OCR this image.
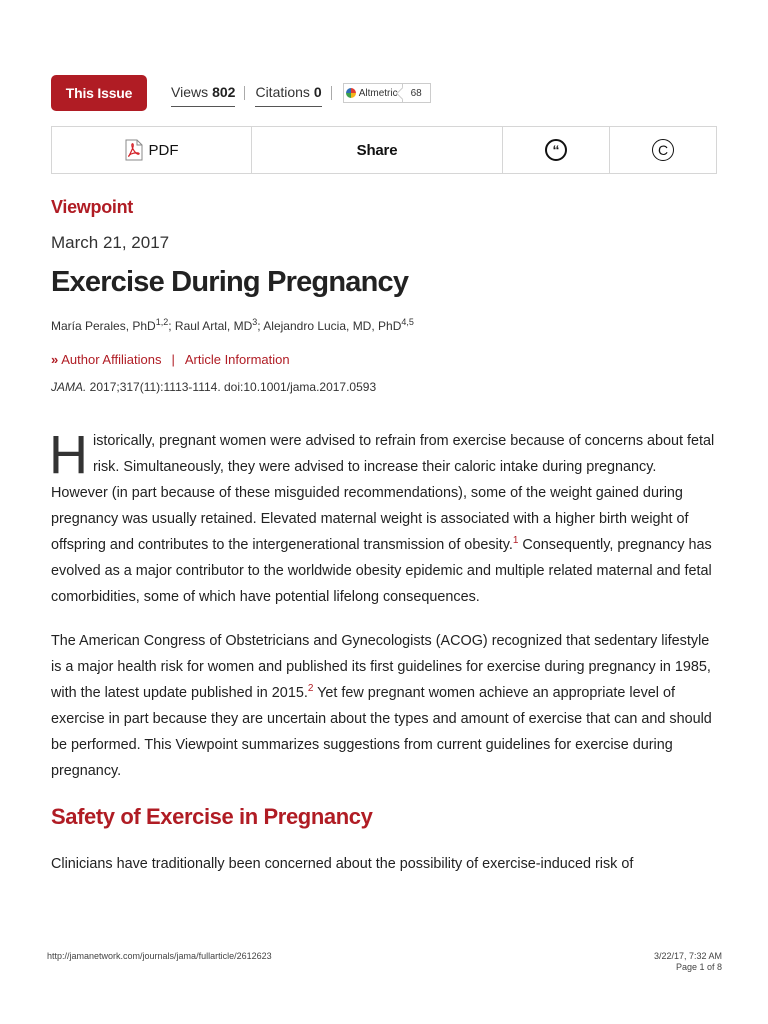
This Issue	Views 802 Citations 0	Altmetric	68
PDF	Share	“	C
Viewpoint
March 21, 2017
Exercise During Pregnancy
María Perales, PhD$^{1,2}$; Raul Artal, $MD^3$; Alejandro Lucia, MD, PhD$^{4,5}$
» Author Affiliations | Article Information
JAMA. 2017;317(11):1113-1114. doi:10.1001/jama.2017.0593
Historically, pregnant women were advised to refrain from exercise because of concerns about fetal risk. Simultaneously, they were advised to increase their caloric intake during pregnancy. However (in part because of these misguided recommendations), some of the weight gained during pregnancy was usually retained. Elevated maternal weight is associated with a higher birth weight of offspring and contributes to the intergenerational transmission of obesity.$^1$ Consequently, pregnancy has evolved as a major contributor to the worldwide obesity epidemic and multiple related maternal and fetal comorbidities, some of which have potential lifelong consequences.
The American Congress of Obstetricians and Gynecologists (ACOG) recognized that sedentary lifestyle is a major health risk for women and published its first guidelines for exercise during pregnancy in 1985, with the latest update published in 2015.$^2$ Yet few pregnant women achieve an appropriate level of exercise in part because they are uncertain about the types and amount of exercise that can and should be performed. This Viewpoint summarizes suggestions from current guidelines for exercise during pregnancy.
Safety of Exercise in Pregnancy
Clinicians have traditionally been concerned about the possibility of exercise-induced risk of
http://jamanetwork.com/journals/jama/fullarticle/2612623	3/22/17, 7:32 AM
Page 1 of 8
